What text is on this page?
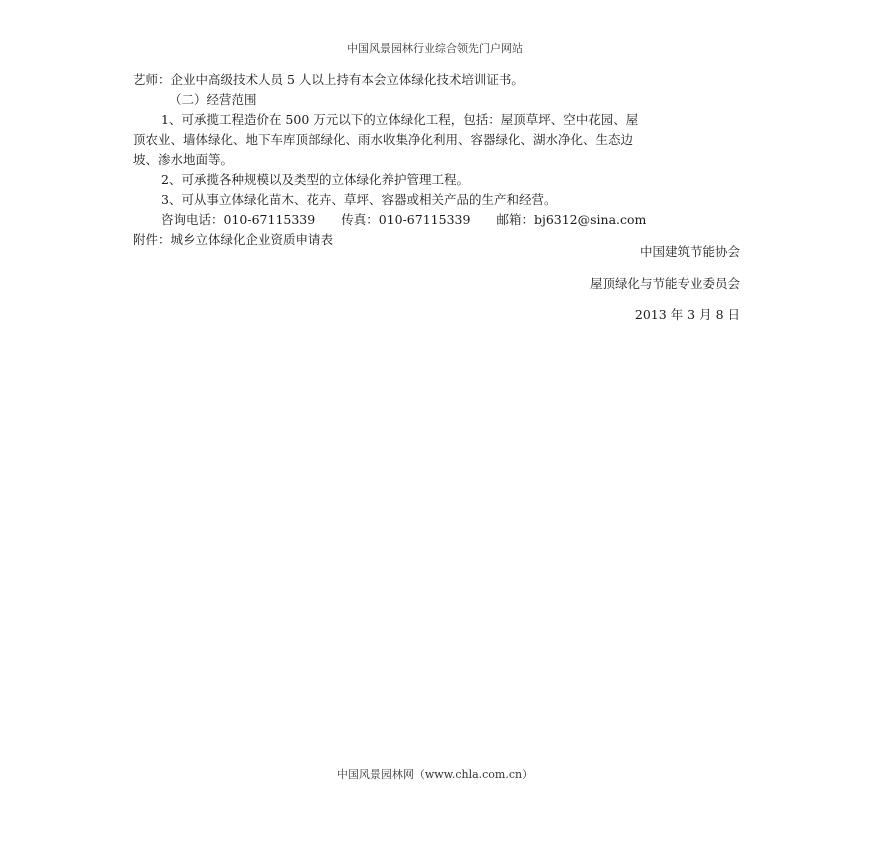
中国风景园林行业综合领先门户网站
艺师：企业中高级技术人员 5 人以上持有本会立体绿化技术培训证书。
（二）经营范围
1、可承揽工程造价在 500 万元以下的立体绿化工程，包括：屋顶草坪、空中花园、屋
顶农业、墙体绿化、地下车库顶部绿化、雨水收集净化利用、容器绿化、湖水净化、生态边
坡、渗水地面等。
2、可承揽各种规模以及类型的立体绿化养护管理工程。
3、可从事立体绿化苗木、花卉、草坪、容器或相关产品的生产和经营。
咨询电话：010-67115339 传真：010-67115339 邮箱：bj6312@sina.com
附件：城乡立体绿化企业资质申请表
中国建筑节能协会
屋顶绿化与节能专业委员会
2013 年 3 月 8 日
中国风景园林网（www.chla.com.cn）
